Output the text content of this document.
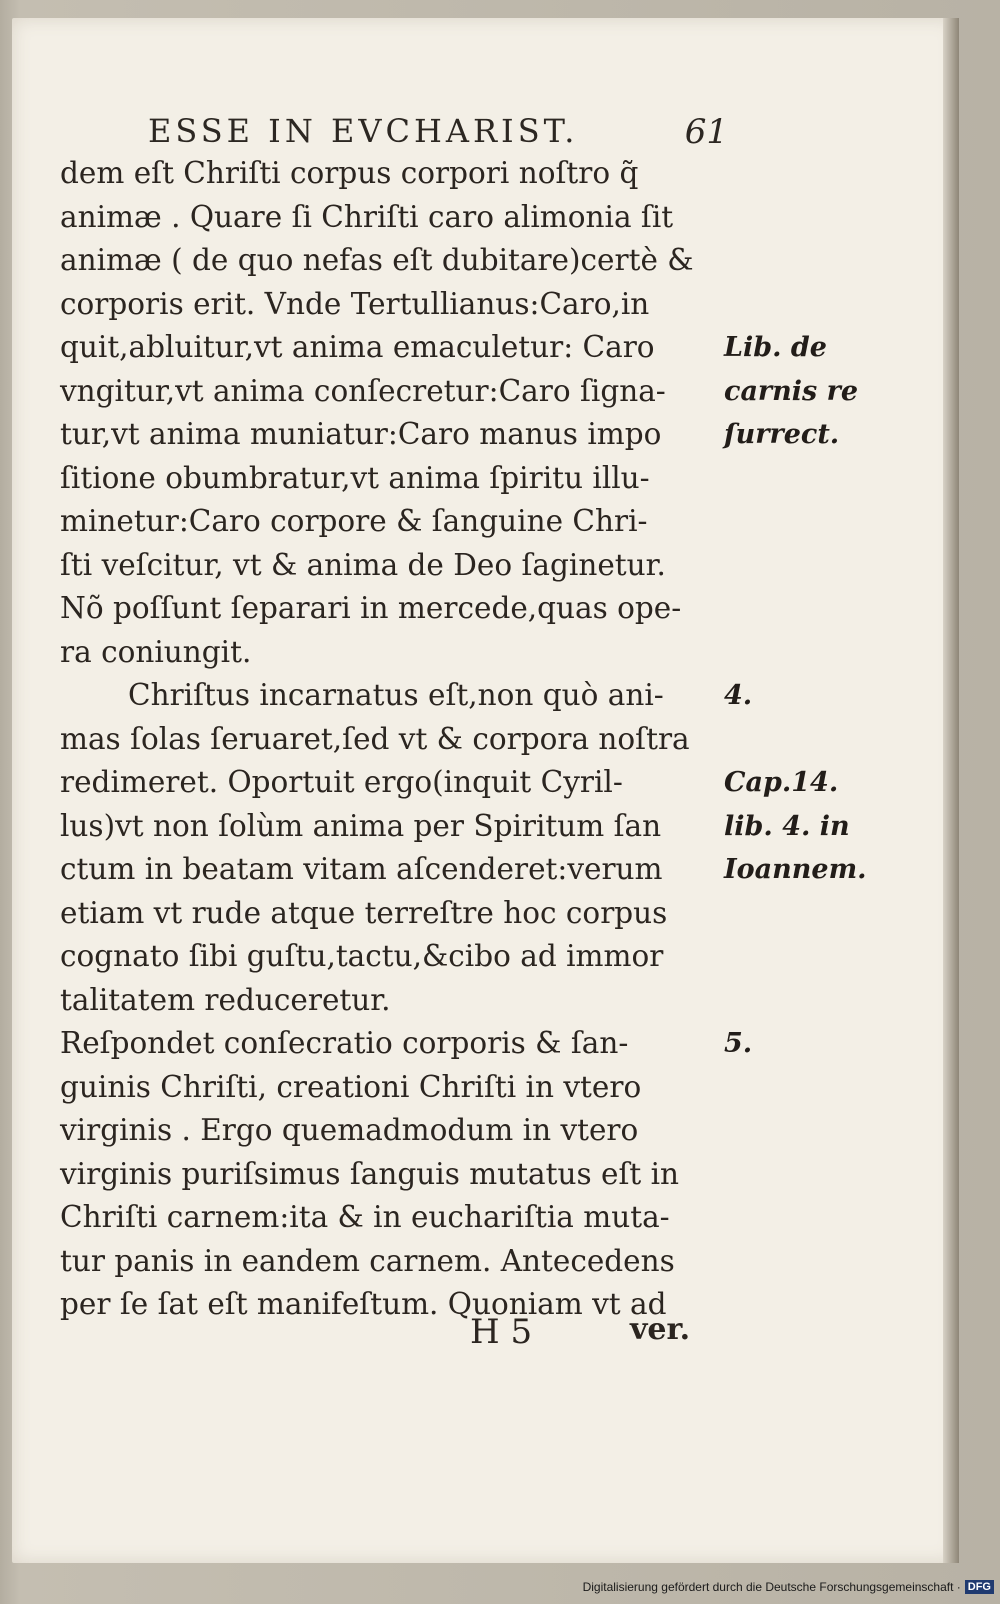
ESSE IN EVCHARIST.	61
dem eſt Chriſti corpus corpori noſtro q̃
animæ . Quare ſi Chriſti caro alimonia ſit
animæ ( de quo nefas eſt dubitare)certè &
corporis erit. Vnde Tertullianus:Caro,in
quit,abluitur,vt anima emaculetur: Caro
vngitur,vt anima conſecretur:Caro ſigna-
tur,vt anima muniatur:Caro manus impo
ſitione obumbratur,vt anima ſpiritu illu-
minetur:Caro corpore & ſanguine Chri-
ſti veſcitur, vt & anima de Deo ſaginetur.
Nõ poſſunt ſeparari in mercede,quas ope-
ra coniungit.
Chriſtus incarnatus eſt,non quò ani-
mas ſolas ſeruaret,ſed vt & corpora noſtra
redimeret. Oportuit ergo(inquit Cyril-
lus)vt non ſolùm anima per Spiritum ſan
ctum in beatam vitam aſcenderet:verum
etiam vt rude atque terreſtre hoc corpus
cognato ſibi guſtu,tactu,&cibo ad immor
talitatem reduceretur.
Reſpondet conſecratio corporis & ſan-
guinis Chriſti, creationi Chriſti in vtero
virginis . Ergo quemadmodum in vtero
virginis puriſsimus ſanguis mutatus eſt in
Chriſti carnem:ita & in euchariſtia muta-
tur panis in eandem carnem. Antecedens
per ſe ſat eſt manifeſtum. Quoniam vt ad
Lib. de
carnis re
ſurrect.
4.
Cap.14.
lib. 4. in
Ioannem.
5.
H 5	ver.
Digitalisierung gefördert durch die Deutsche Forschungsgemeinschaft · DFG
